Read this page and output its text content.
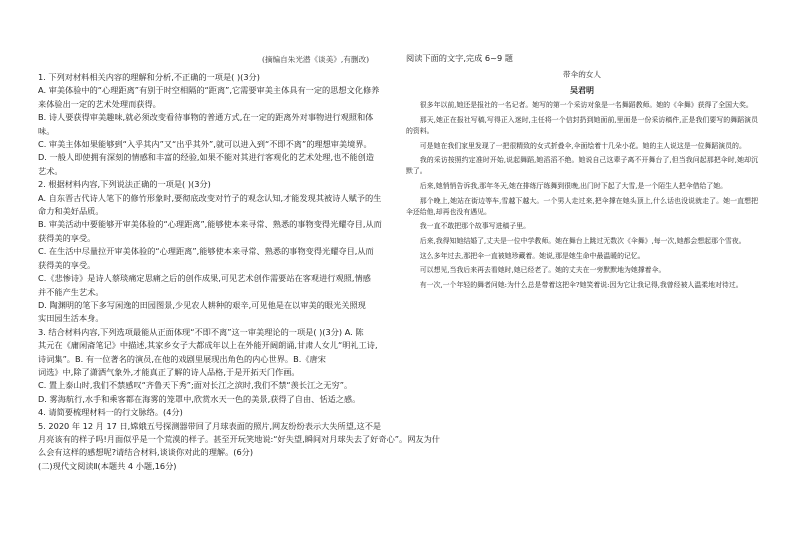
(摘编自朱光潜《谈美》,有删改)

1. 下列对材料相关内容的理解和分析,不正确的一项是( )(3分)

A. 审美体验中的“心理距离”有别于时空相隔的“距离”,它需要审美主体具有一定的思想文化修养

来体验出一定的艺术处理而获得。

B. 诗人要获得审美趣味,就必须改变看待事物的普通方式,在一定的距离外对事物进行观照和体

味。

C. 审美主体如果能够到“入乎其内”又“出乎其外”,就可以进入到“不即不离”的理想审美境界。

D. 一般人即使拥有深刻的情感和丰富的经验,如果不能对其进行客观化的艺术处理,也不能创造

艺术。

2. 根据材料内容,下列说法正确的一项是( )(3分)

A. 自东晋古代诗人笔下的修竹形象时,要彻底改变对竹子的观念认知,才能发现其被诗人赋予的生

命力和美好品质。

B. 审美活动中要能够开审美体验的“心理距离”,能够使本来寻常、熟悉的事物变得光耀夺目,从而

获得美的享受。

C. 在生活中尽量拉开审美体验的“心理距离”,能够使本来寻常、熟悉的事物变得光耀夺目,从而

获得美的享受。

C.《悲惨诗》是诗人蔡琰痛定思痛之后的创作成果,可见艺术创作需要站在客观进行观照,情感

并不能产生艺术。

D. 陶渊明的笔下多写闲逸的田园图景,少见农人耕种的艰辛,可见他是在以审美的眼光关照现

实田园生活本身。

3. 结合材料内容,下列选项最能从正面体现“不即不离”这一审美理论的一项是( )(3分) A. 陈

其元在《庸闲斋笔记》中描述,其家乡女子大都成年以上在外能开阔朗诵,甘肃人女儿“明礼工诗,

诗词集”。B. 有一位著名的演员,在他的戏剧里展现出角色的内心世界。B.《唐宋

词选》中,除了潇洒气象外,才能真正了解的诗人品格,于是开拓天门作画。

C. 置上泰山时,我们不禁感叹“齐鲁天下秀”;面对长江之滨时,我们不禁“羡长江之无穷”。

D. 雾海航行,水手和乘客都在海雾的笼罩中,欣赏水天一色的美景,获得了自由、恬适之感。

4. 请简要梳理材料一的行文脉络。(4分)

5. 2020 年 12 月 17 日,嫦娥五号探测器带回了月球表面的照片,网友纷纷表示大失所望,这不是

月亮该有的样子吗!月面似乎是一个荒漠的样子。甚至开玩笑地说:“好失望,瞬间对月球失去了好奇心”。网友为什

么会有这样的感想呢?请结合材料,谈谈你对此的理解。(6分)

(二)现代文阅读Ⅱ(本题共 4 小题,16分)

阅读下面的文字,完成 6~9 题
带伞的女人
吴君明

很多年以前,她还是报社的一名记者。她写的第一个采访对象是一名舞蹈教师。她的《伞舞》获得了全国大奖。

那天,她正在报社写稿,写得正入迷时,主任将一个信封扔到她面前,里面是一份采访稿件,正是我们要写的舞蹈演员的资料。

可是她在我们家里发现了一把很精致的女式折叠伞,伞面绘着十几朵小花。她的主人说这是一位舞蹈演员的。

我的采访按照约定准时开始,说起舞蹈,她滔滔不绝。她说自己这辈子离不开舞台了,但当我问起那把伞时,她却沉默了。

后来,她悄悄告诉我,那年冬天,她在排练厅练舞到很晚,出门时下起了大雪,是一个陌生人把伞借给了她。

那个晚上,她站在街边等车,雪越下越大。一个男人走过来,把伞撑在她头顶上,什么话也没说就走了。她一直想把伞还给他,却再也没有遇见。

我一直不敢把那个故事写进稿子里。

后来,我得知她结婚了,丈夫是一位中学教师。她在舞台上跳过无数次《伞舞》,每一次,她都会想起那个雪夜。

这么多年过去,那把伞一直被她珍藏着。她说,那是她生命中最温暖的记忆。

可以想见,当我后来再去看她时,她已经老了。她的丈夫在一旁默默地为她撑着伞。

有一次,一个年轻的舞者问她:为什么总是带着这把伞?她笑着说:因为它让我记得,我曾经被人温柔地对待过。
